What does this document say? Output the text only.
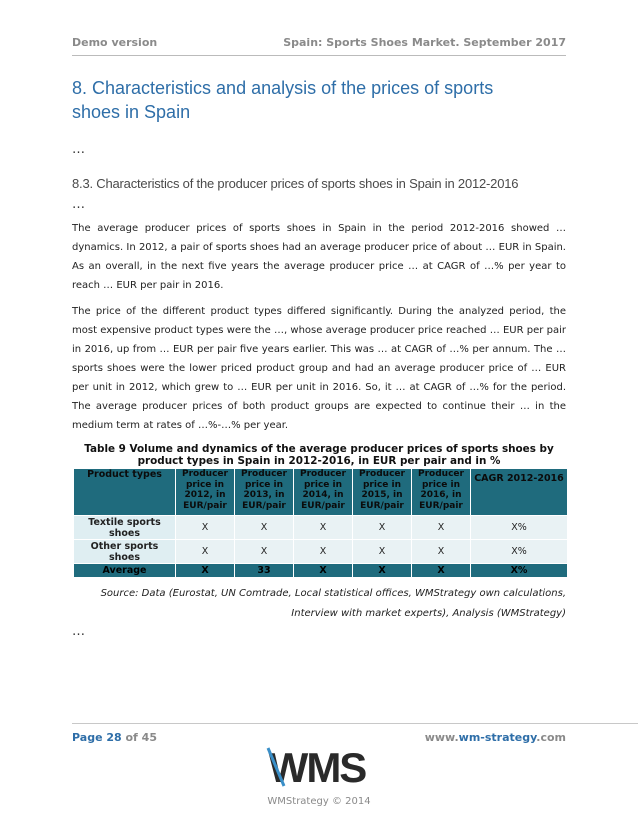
Demo version	Spain: Sports Shoes Market. September 2017
8. Characteristics and analysis of the prices of sports shoes in Spain
…
8.3. Characteristics of the producer prices of sports shoes in Spain in 2012-2016
…
The average producer prices of sports shoes in Spain in the period 2012-2016 showed … dynamics. In 2012, a pair of sports shoes had an average producer price of about … EUR in Spain. As an overall, in the next five years the average producer price … at CAGR of …% per year to reach … EUR per pair in 2016.
The price of the different product types differed significantly. During the analyzed period, the most expensive product types were the …, whose average producer price reached … EUR per pair in 2016, up from … EUR per pair five years earlier. This was … at CAGR of …% per annum. The … sports shoes were the lower priced product group and had an average producer price of … EUR per unit in 2012, which grew to … EUR per unit in 2016. So, it … at CAGR of …% for the period. The average producer prices of both product groups are expected to continue their … in the medium term at rates of …%-…% per year.
Table 9 Volume and dynamics of the average producer prices of sports shoes by product types in Spain in 2012-2016, in EUR per pair and in %
Product types	Producer price in 2012, in EUR/pair	Producer price in 2013, in EUR/pair	Producer price in 2014, in EUR/pair	Producer price in 2015, in EUR/pair	Producer price in 2016, in EUR/pair	CAGR 2012-2016
Textile sports shoes	X	X	X	X	X	X%
Other sports shoes	X	X	X	X	X	X%
Average	X	33	X	X	X	X%
Source: Data (Eurostat, UN Comtrade, Local statistical offices, WMStrategy own calculations, Interview with market experts), Analysis (WMStrategy)
…
Page 28 of 45	www.wm-strategy.com
WMS
WMStrategy © 2014
